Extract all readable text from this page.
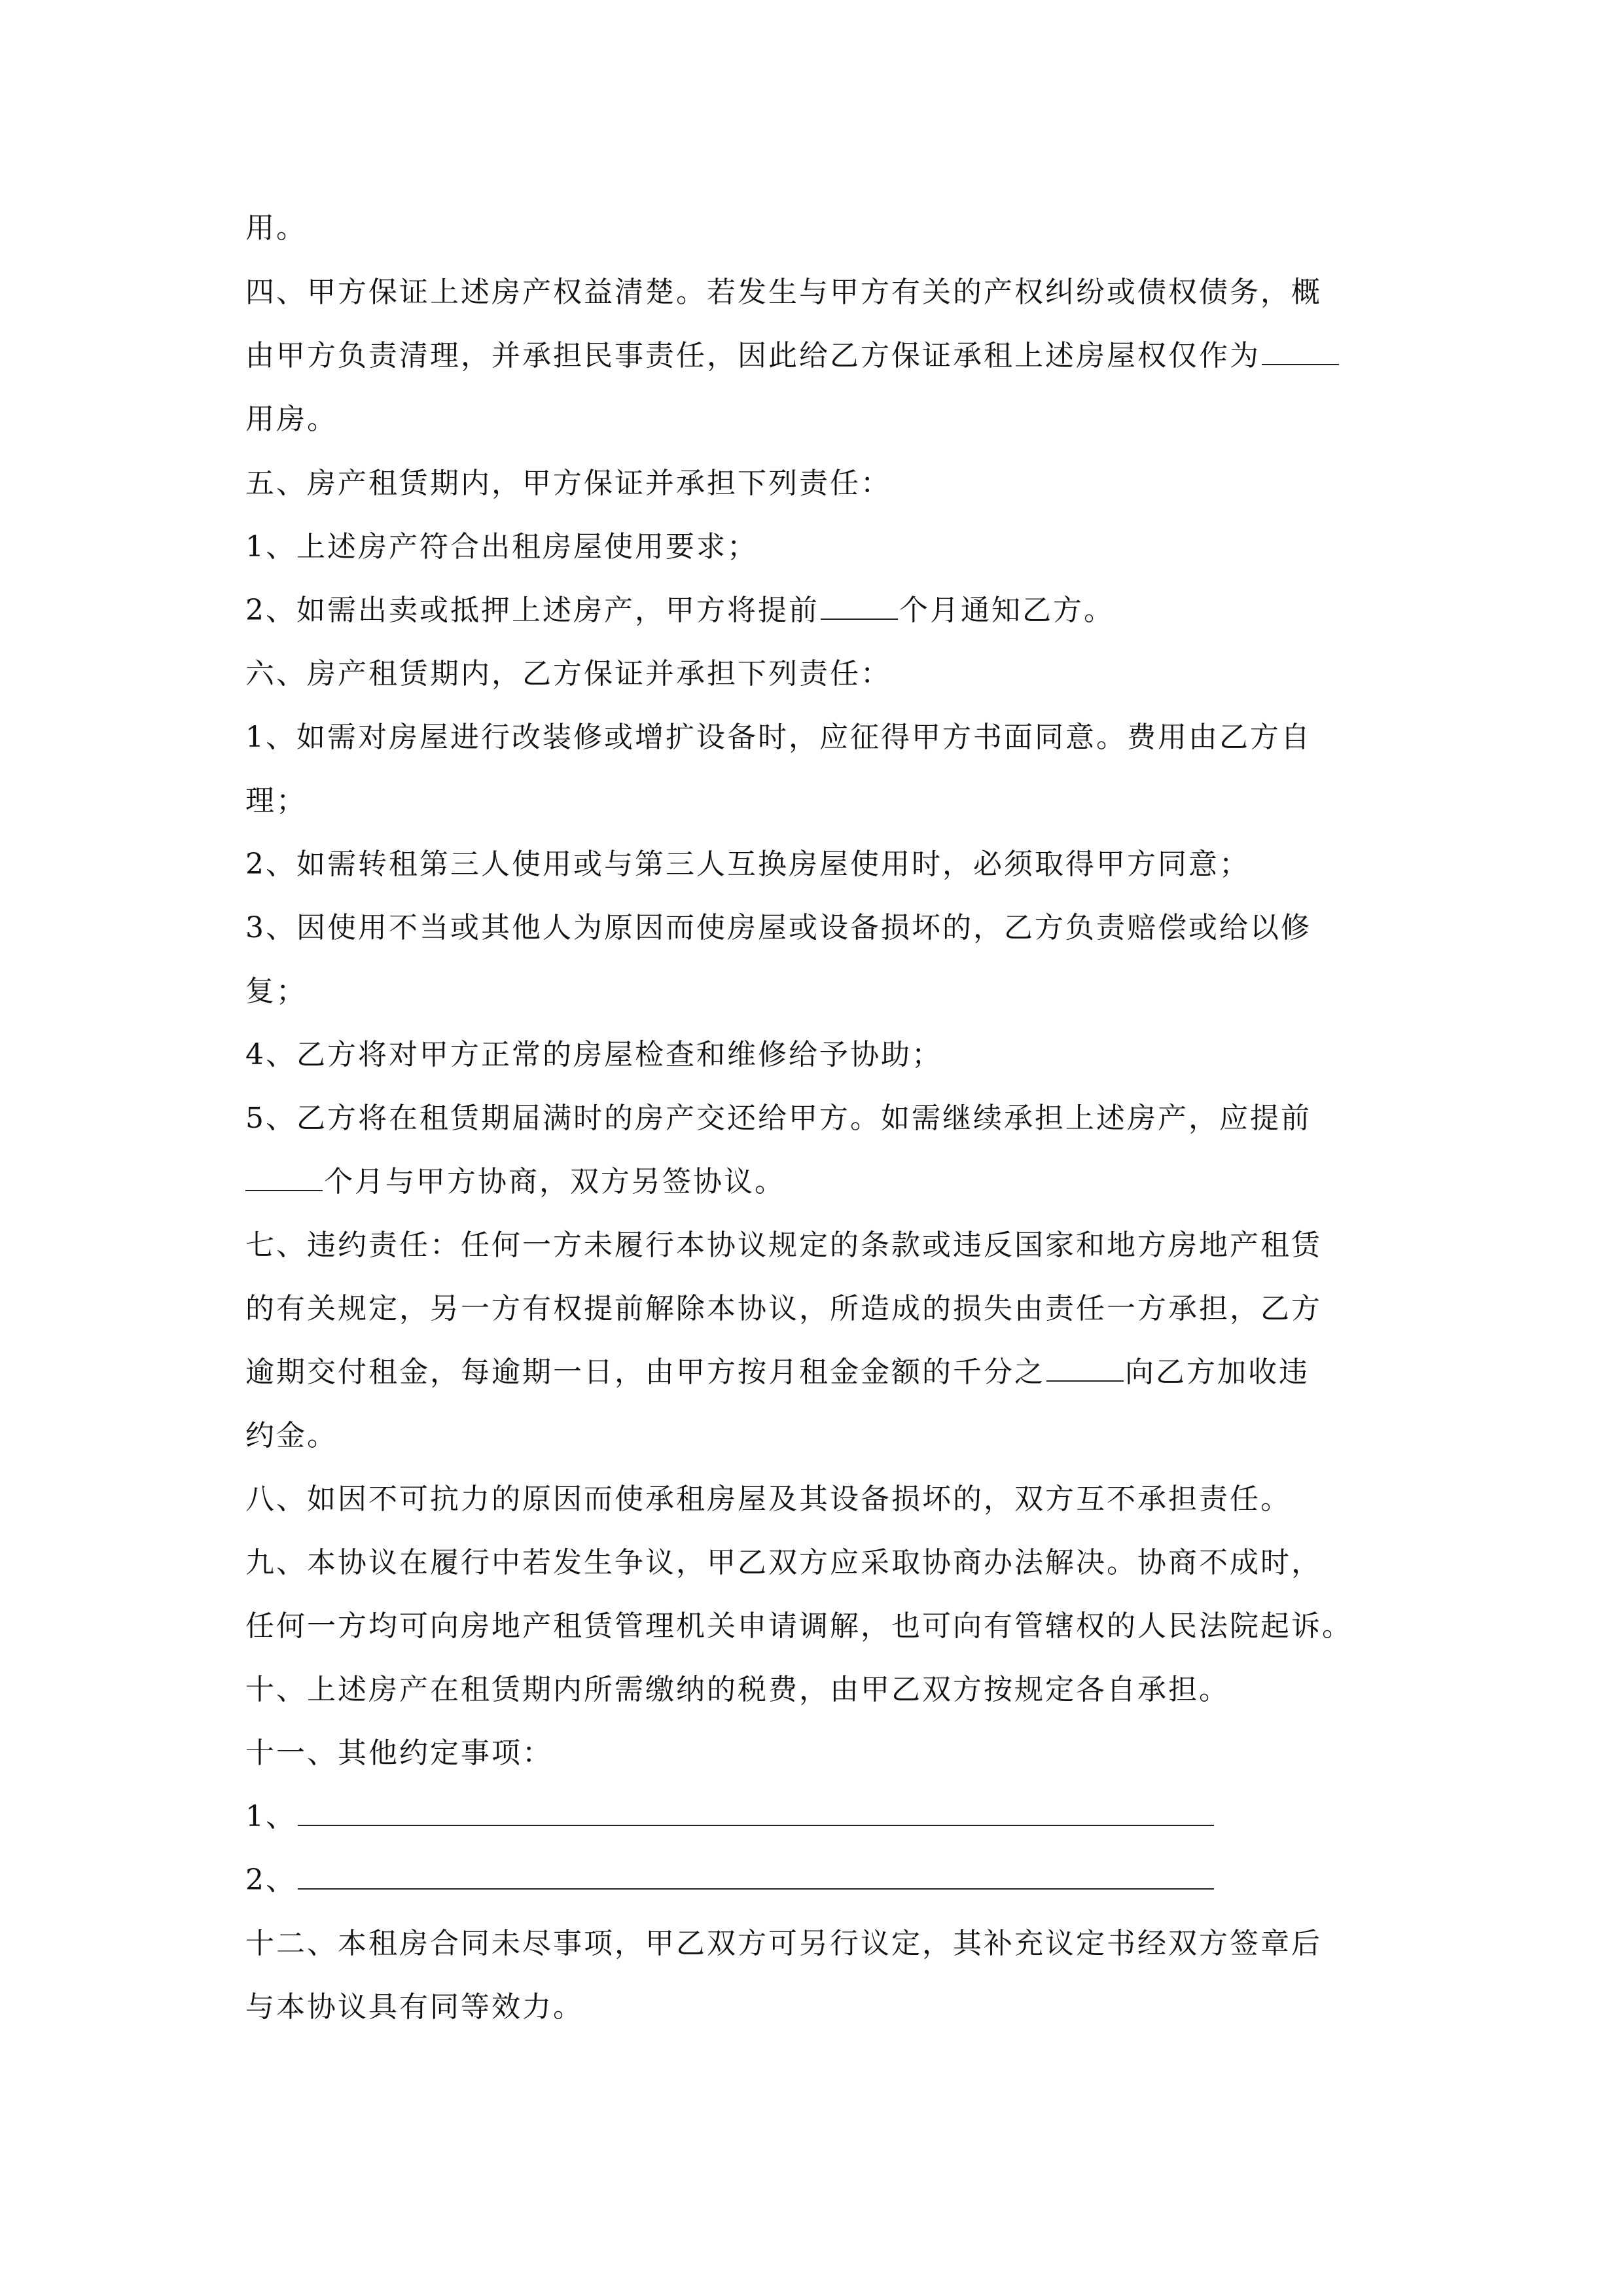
用。
四、甲方保证上述房产权益清楚。若发生与甲方有关的产权纠纷或债权债务，概
由甲方负责清理，并承担民事责任，因此给乙方保证承租上述房屋权仅作为
用房。
五、房产租赁期内，甲方保证并承担下列责任：
1、上述房产符合出租房屋使用要求；
2、如需出卖或抵押上述房产，甲方将提前	个月通知乙方。
六、房产租赁期内，乙方保证并承担下列责任：
1、如需对房屋进行改装修或增扩设备时，应征得甲方书面同意。费用由乙方自
理；
2、如需转租第三人使用或与第三人互换房屋使用时，必须取得甲方同意；
3、因使用不当或其他人为原因而使房屋或设备损坏的，乙方负责赔偿或给以修
复；
4、乙方将对甲方正常的房屋检查和维修给予协助；
5、乙方将在租赁期届满时的房产交还给甲方。如需继续承担上述房产，应提前
个月与甲方协商，双方另签协议。
七、违约责任：任何一方未履行本协议规定的条款或违反国家和地方房地产租赁
的有关规定，另一方有权提前解除本协议，所造成的损失由责任一方承担，乙方
逾期交付租金，每逾期一日，由甲方按月租金金额的千分之	向乙方加收违
约金。
八、如因不可抗力的原因而使承租房屋及其设备损坏的，双方互不承担责任。
九、本协议在履行中若发生争议，甲乙双方应采取协商办法解决。协商不成时，
任何一方均可向房地产租赁管理机关申请调解，也可向有管辖权的人民法院起诉。
十、上述房产在租赁期内所需缴纳的税费，由甲乙双方按规定各自承担。
十一、其他约定事项：
1、
2、
十二、本租房合同未尽事项，甲乙双方可另行议定，其补充议定书经双方签章后
与本协议具有同等效力。
